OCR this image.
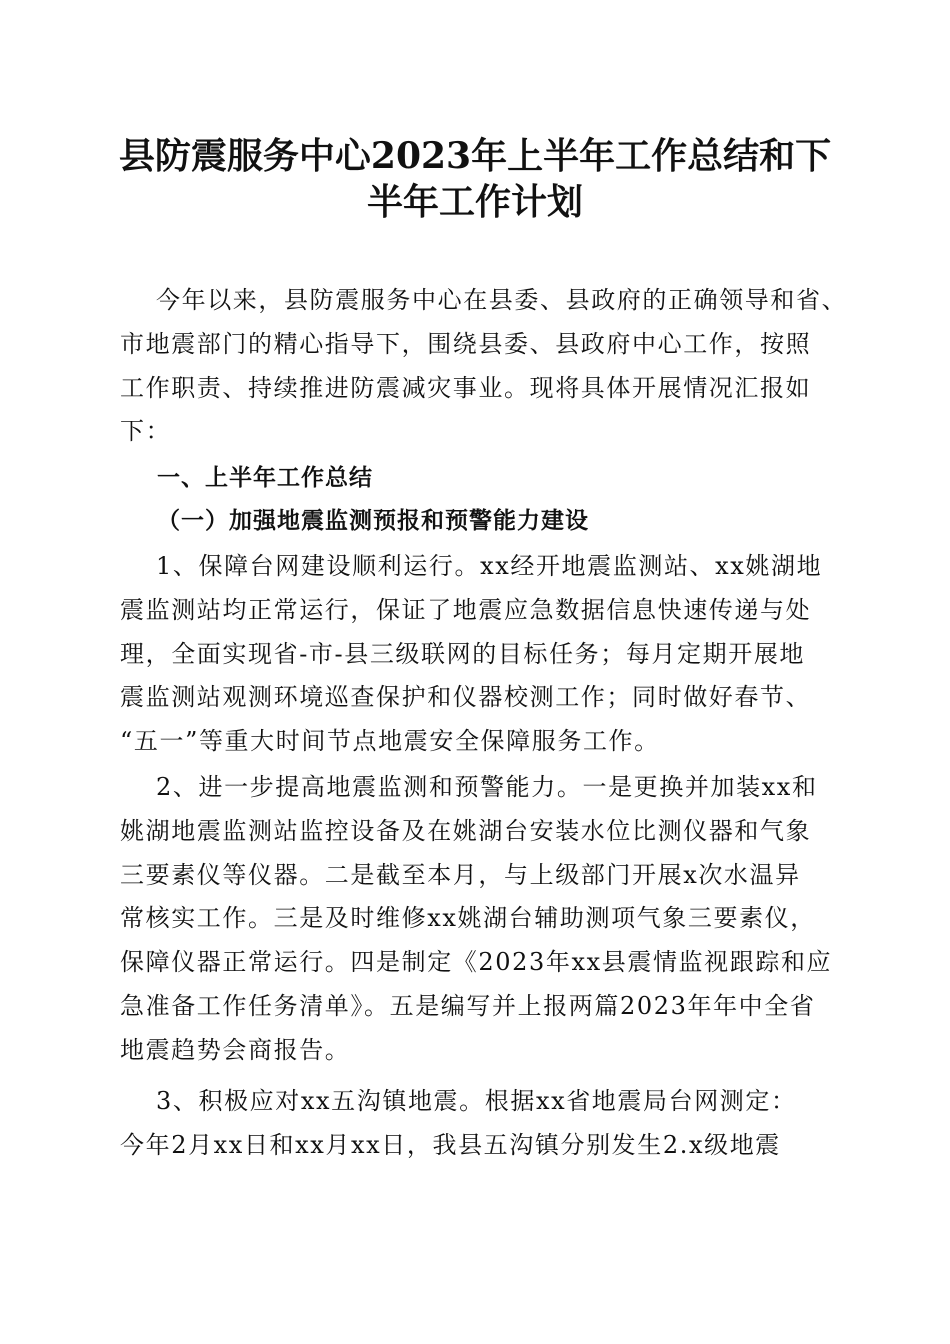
县防震服务中心2023年上半年工作总结和下
半年工作计划
今年以来，县防震服务中心在县委、县政府的正确领导和省、
市地震部门的精心指导下，围绕县委、县政府中心工作，按照
工作职责、持续推进防震减灾事业。现将具体开展情况汇报如
下：
一、上半年工作总结
（一）加强地震监测预报和预警能力建设
1、保障台网建设顺利运行。xx经开地震监测站、xx姚湖地
震监测站均正常运行，保证了地震应急数据信息快速传递与处
理，全面实现省-市-县三级联网的目标任务；每月定期开展地
震监测站观测环境巡查保护和仪器校测工作；同时做好春节、
“五一”等重大时间节点地震安全保障服务工作。
2、进一步提高地震监测和预警能力。一是更换并加装xx和
姚湖地震监测站监控设备及在姚湖台安装水位比测仪器和气象
三要素仪等仪器。二是截至本月，与上级部门开展x次水温异
常核实工作。三是及时维修xx姚湖台辅助测项气象三要素仪，
保障仪器正常运行。四是制定《2023年xx县震情监视跟踪和应
急准备工作任务清单》。五是编写并上报两篇2023年年中全省
地震趋势会商报告。
3、积极应对xx五沟镇地震。根据xx省地震局台网测定：
今年2月xx日和xx月xx日，我县五沟镇分别发生2.x级地震
